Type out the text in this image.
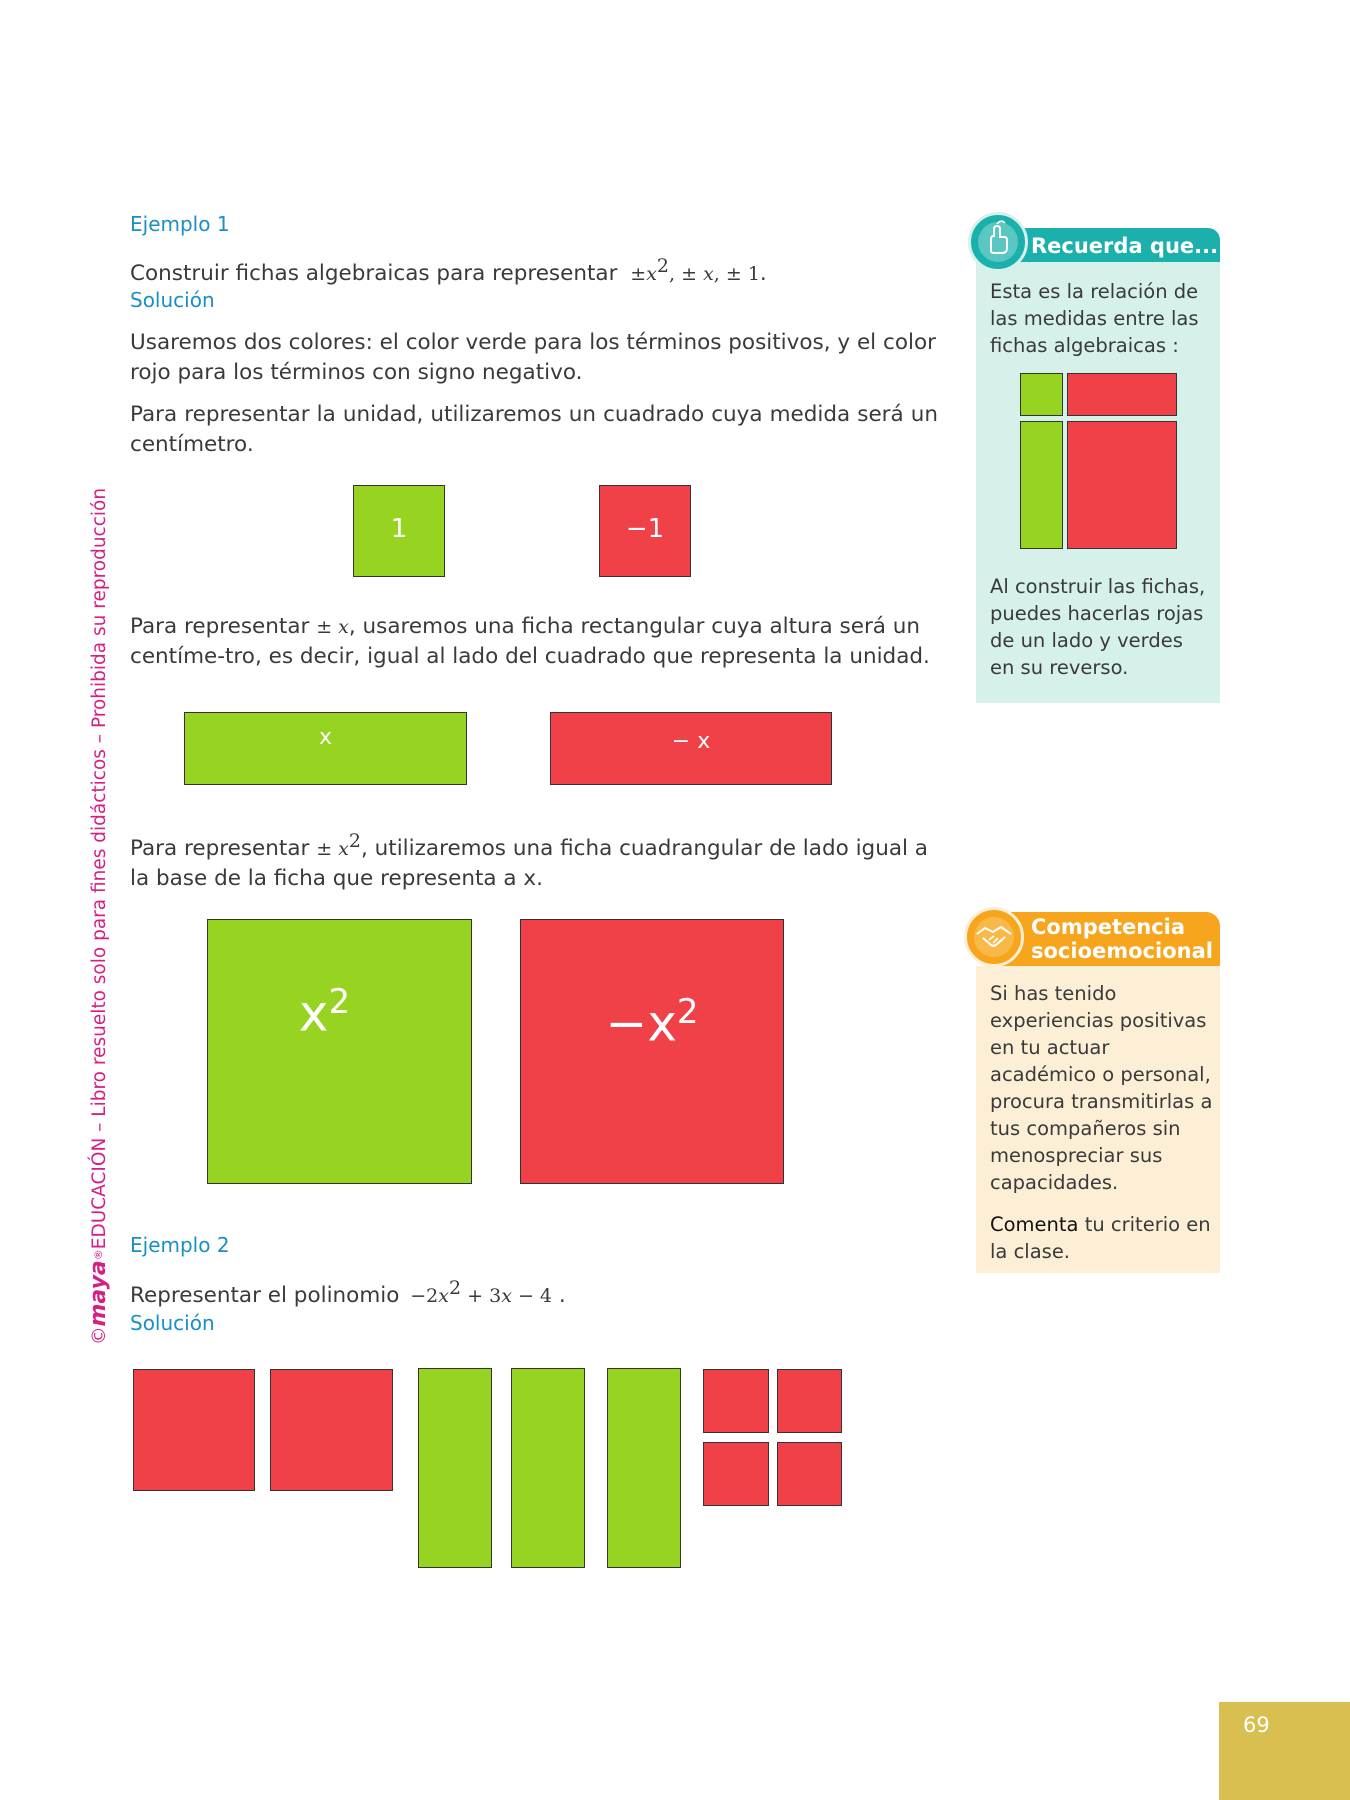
©maya®EDUCACIÓN – Libro resuelto solo para fines didácticos – Prohibida su reproducción
Ejemplo 1
Construir fichas algebraicas para representar $\pm x^2$, ± x, ± 1.
Solución
Usaremos dos colores: el color verde para los términos positivos, y el color rojo para los términos con signo negativo.
Para representar la unidad, utilizaremos un cuadrado cuya medida será un centímetro.
1	−1
Para representar ± x, usaremos una ficha rectangular cuya altura será un centíme-tro, es decir, igual al lado del cuadrado que representa la unidad.
x	− x
Para representar ± $x^2$, utilizaremos una ficha cuadrangular de lado igual a la base de la ficha que representa a x.
$x^2$	$-x^2$
Ejemplo 2
Representar el polinomio $-2x^2 + 3x - 4$ .
Solución
Recuerda que...
Esta es la relación de las medidas entre las fichas algebraicas :
Al construir las fichas, puedes hacerlas rojas de un lado y verdes en su reverso.
Competencia
socioemocional
Si has tenido experiencias positivas en tu actuar académico o personal, procura transmitirlas a tus compañeros sin menospreciar sus capacidades.
Comenta tu criterio en la clase.
69
